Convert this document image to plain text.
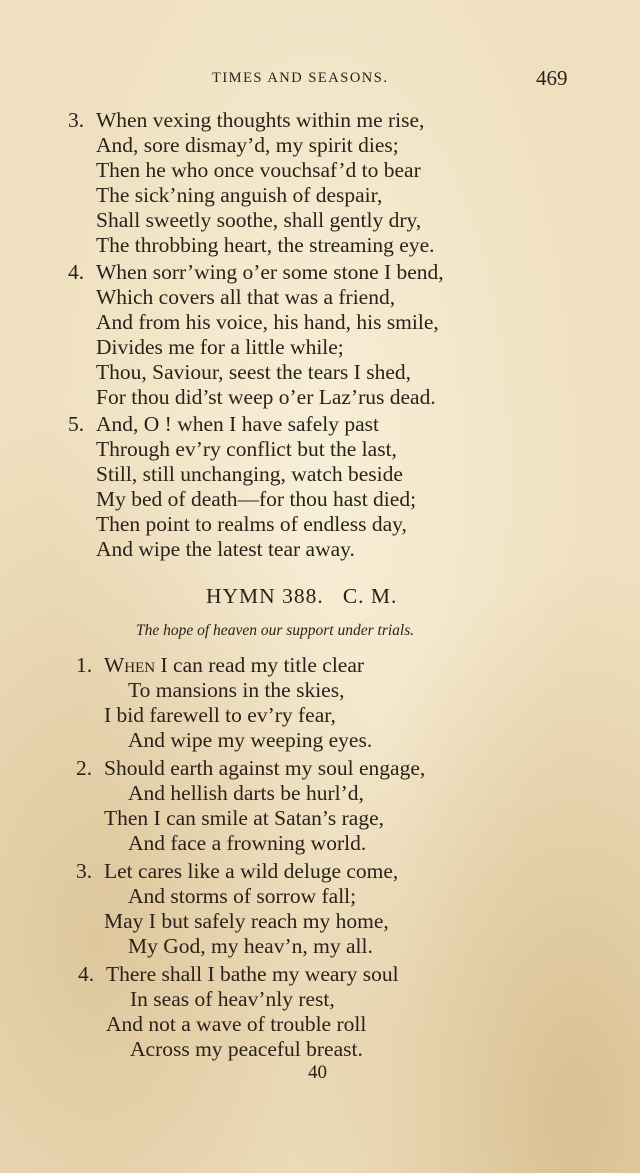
TIMES AND SEASONS.	469
3. When vexing thoughts within me rise,
And, sore dismay’d, my spirit dies;
Then he who once vouchsaf’d to bear
The sick’ning anguish of despair,
Shall sweetly soothe, shall gently dry,
The throbbing heart, the streaming eye.
4. When sorr’wing o’er some stone I bend,
Which covers all that was a friend,
And from his voice, his hand, his smile,
Divides me for a little while;
Thou, Saviour, seest the tears I shed,
For thou did’st weep o’er Laz’rus dead.
5. And, O ! when I have safely past
Through ev’ry conflict but the last,
Still, still unchanging, watch beside
My bed of death—for thou hast died;
Then point to realms of endless day,
And wipe the latest tear away.
HYMN 388.   C. M.
The hope of heaven our support under trials.
1. When I can read my title clear
To mansions in the skies,
I bid farewell to ev’ry fear,
And wipe my weeping eyes.
2. Should earth against my soul engage,
And hellish darts be hurl’d,
Then I can smile at Satan’s rage,
And face a frowning world.
3. Let cares like a wild deluge come,
And storms of sorrow fall;
May I but safely reach my home,
My God, my heav’n, my all.
4. There shall I bathe my weary soul
In seas of heav’nly rest,
And not a wave of trouble roll
Across my peaceful breast.
40
